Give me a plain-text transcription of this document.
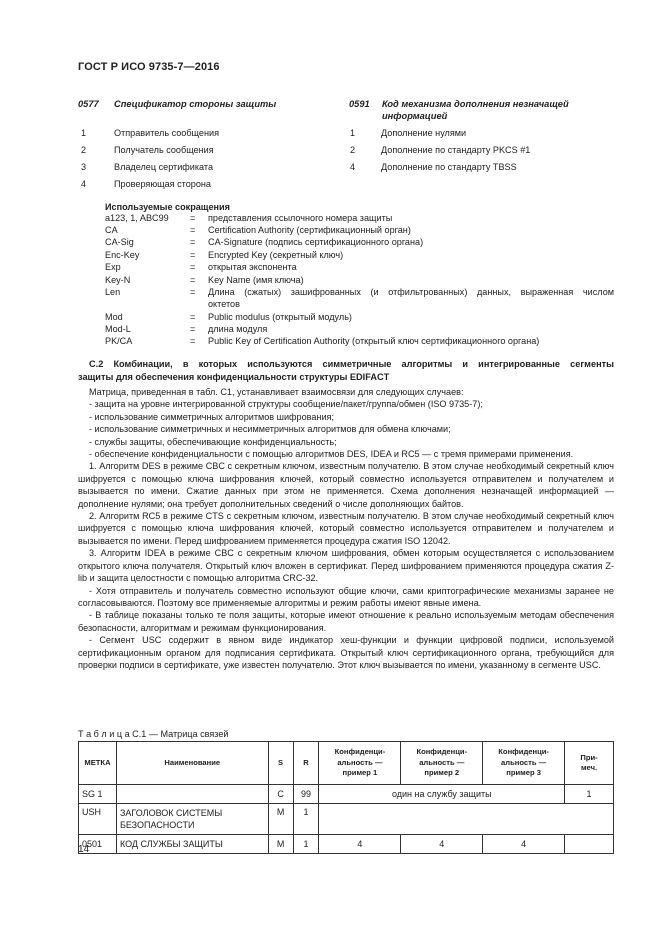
ГОСТ Р ИСО 9735-7—2016
0577 Спецификатор стороны защиты
1	Отправитель сообщения
2	Получатель сообщения
3	Владелец сертификата
4	Проверяющая сторона
0591 Код механизма дополнения незначащей
информацией
1	Дополнение нулями
2	Дополнение по стандарту PKCS #1
4	Дополнение по стандарту TBSS
Используемые сокращения
a123, 1, ABC99 = представления ссылочного номера защиты
CA	= Certification Authority (сертификационный орган)
CA-Sig	= CA-Signature (подпись сертификационного органа)
Enc-Key	= Encrypted Key (секретный ключ)
Exp	= открытая экспонента
Key-N	= Key Name (имя ключа)
Len	= Длина (сжатых) зашифрованных (и отфильтрованных) данных, выраженная числом
октетов
Mod	= Public modulus (открытый модуль)
Mod-L	= длина модуля
PK/CA	= Public Key of Certification Authority (открытый ключ сертификационного органа)
С.2 Комбинации, в которых используются симметричные алгоритмы и интегрированные сегменты
защиты для обеспечения конфиденциальности структуры EDIFACT

Матрица, приведенная в табл. С1, устанавливает взаимосвязи для следующих случаев:

- защита на уровне интегрированной структуры сообщение/пакет/группа/обмен (ISO 9735-7);

- использование симметричных алгоритмов шифрования;

- использование симметричных и несимметричных алгоритмов для обмена ключами;

- службы защиты, обеспечивающие конфиденциальность;

- обеспечение конфиденциальности с помощью алгоритмов DES, IDEA и RC5 — с тремя примерами применения.

1. Алгоритм DES в режиме CBC с секретным ключом, известным получателю. В этом случае необходимый секретный ключ шифруется с помощью ключа шифрования ключей, который совместно используется отправителем и получателем и вызывается по имени. Сжатие данных при этом не применяется. Схема дополнения незначащей информацией — дополнение нулями; она требует дополнительных сведений о числе дополняющих байтов.

2. Алгоритм RC5 в режиме CTS с секретным ключом, известным получателю. В этом случае необходимый секретный ключ шифруется с помощью ключа шифрования ключей, который совместно используется отправителем и получателем и вызывается по имени. Перед шифрованием применяется процедура сжатия ISO 12042.

3. Алгоритм IDEA в режиме CBC с секретным ключом шифрования, обмен которым осуществляется с использованием открытого ключа получателя. Открытый ключ вложен в сертификат. Перед шифрованием применяются процедура сжатия Z-lib и защита целостности с помощью алгоритма CRC-32.

- Хотя отправитель и получатель совместно используют общие ключи, сами криптографические механизмы заранее не согласовываются. Поэтому все применяемые алгоритмы и режим работы имеют явные имена.

- В таблице показаны только те поля защиты, которые имеют отношение к реально используемым методам обеспечения безопасности, алгоритмам и режимам функционирования.

- Сегмент USC содержит в явном виде индикатор хеш-функции и функции цифровой подписи, используемой сертификационным органом для подписания сертификата. Открытый ключ сертификационного органа, требующийся для проверки подписи в сертификате, уже известен получателю. Этот ключ вызывается по имени, указанному в сегменте USC.

Т а б л и ц а С.1 — Матрица связей
МЕТКА	Наименование	S	R	Конфиденци-
альность —
пример 1	Конфиденци-
альность —
пример 2	Конфиденци-
альность —
пример 3	При-
меч.
SG 1		C	99	один на службу защиты			1
USH	ЗАГОЛОВОК СИСТЕМЫ
БЕЗОПАСНОСТИ	M	1				
0501	КОД СЛУЖБЫ ЗАЩИТЫ	M	1	4	4	4	
14
